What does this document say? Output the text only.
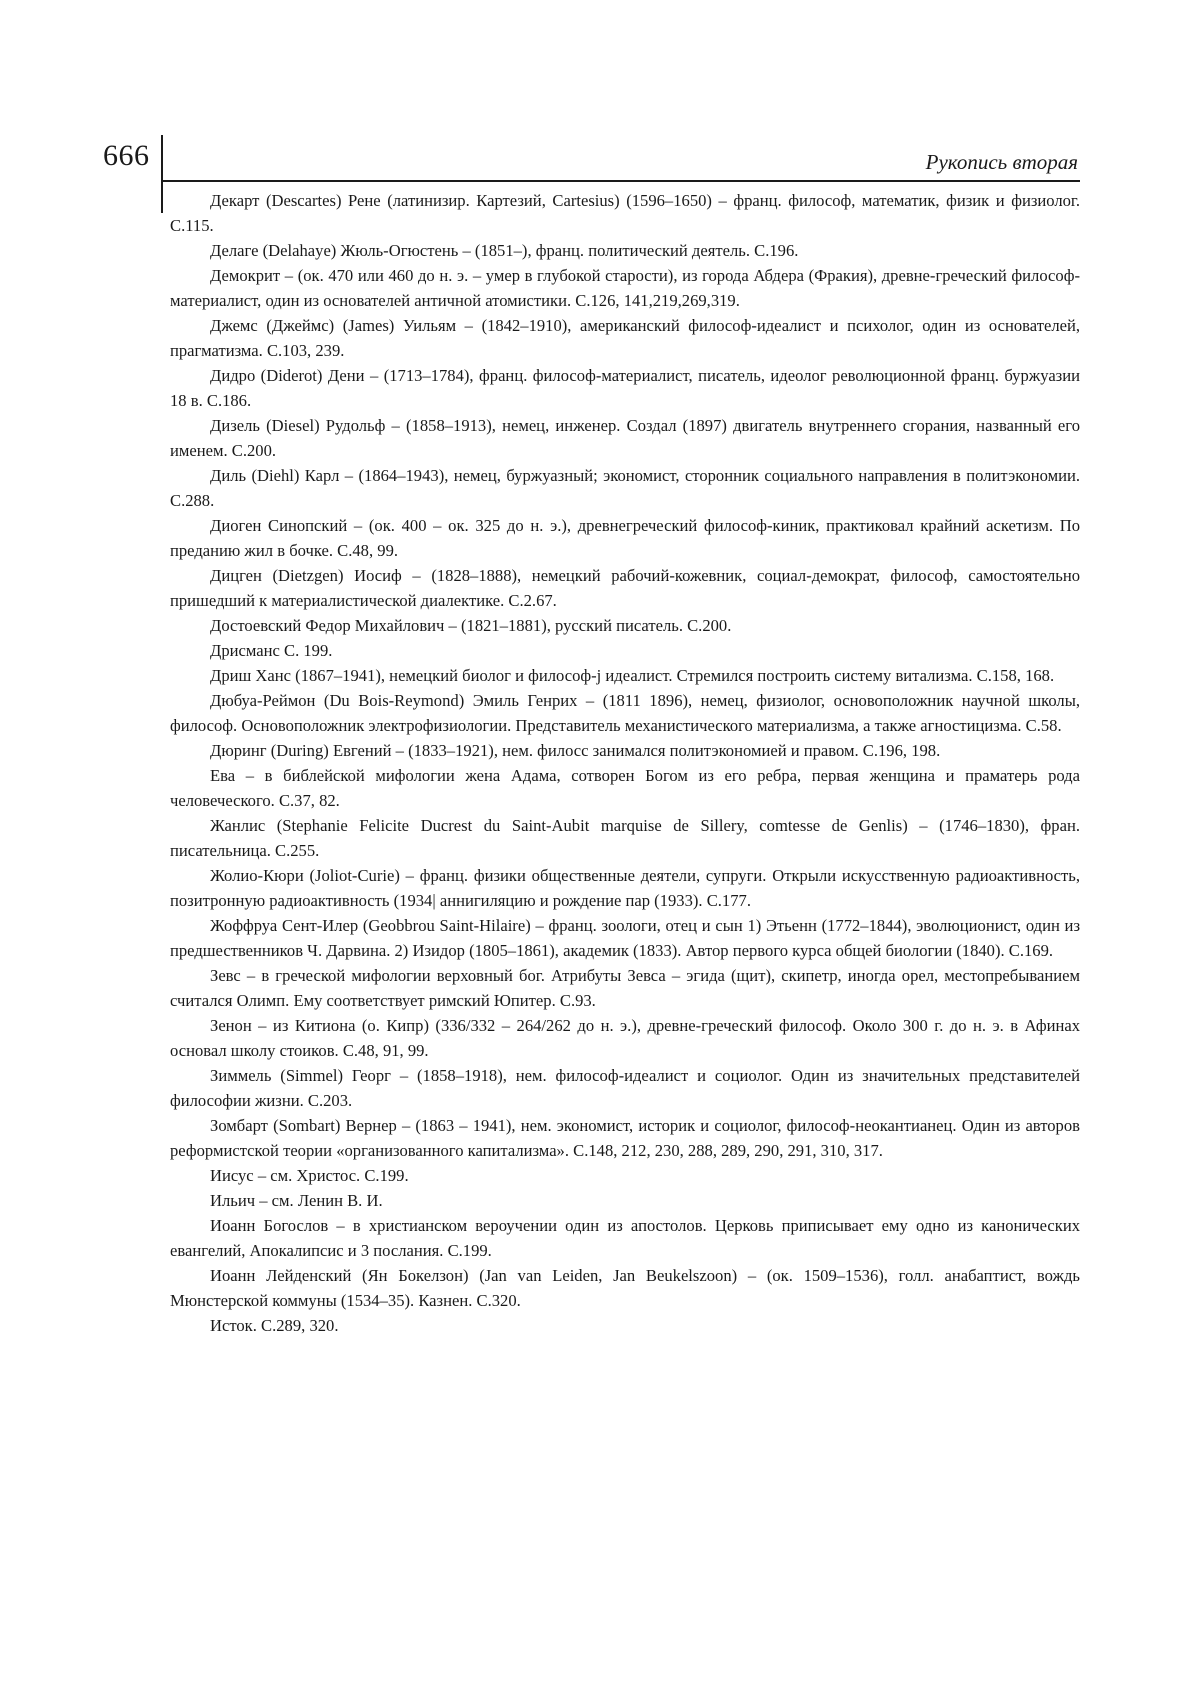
666	Рукопись вторая

Декарт (Descartes) Рене (латинизир. Картезий, Cartesius) (1596–1650) – франц. философ, математик, физик и физиолог. С.115.

Делаге (Delahaye) Жюль-Огюстень – (1851–), франц. политический деятель. С.196.

Демокрит – (ок. 470 или 460 до н. э. – умер в глубокой старости), из города Абдера (Фракия), древне-греческий философ-материалист, один из основателей античной атомистики. С.126, 141,219,269,319.

Джемс (Джеймс) (James) Уильям – (1842–1910), американский философ-идеалист и психолог, один из основателей, прагматизма. С.103, 239.

Дидро (Diderot) Дени – (1713–1784), франц. философ-материалист, писатель, идеолог революционной франц. буржуазии 18 в. С.186.

Дизель (Diesel) Рудольф – (1858–1913), немец, инженер. Создал (1897) двигатель внутреннего сгорания, названный его именем. С.200.

Диль (Diehl) Карл – (1864–1943), немец, буржуазный; экономист, сторонник социального направления в политэкономии. С.288.

Диоген Синопский – (ок. 400 – ок. 325 до н. э.), древнегреческий философ-киник, практиковал крайний аскетизм. По преданию жил в бочке. С.48, 99.

Дицген (Dietzgen) Иосиф – (1828–1888), немецкий рабочий-кожевник, социал-демократ, философ, самостоятельно пришедший к материалистической диалектике. С.2.67.

Достоевский Федор Михайлович – (1821–1881), русский писатель. С.200.

Дрисманс С. 199.

Дриш Ханс (1867–1941), немецкий биолог и философ-j идеалист. Стремился построить систему витализма. С.158, 168.

Дюбуа-Реймон (Du Bois-Reymond) Эмиль Генрих – (1811 1896), немец, физиолог, основоположник научной школы, философ. Основоположник электрофизиологии. Представитель механистического материализма, а также агностицизма. С.58.

Дюринг (During) Евгений – (1833–1921), нем. филосс занимался политэкономией и правом. С.196, 198.

Ева – в библейской мифологии жена Адама, сотворен Богом из его ребра, первая женщина и праматерь рода человеческого. С.37, 82.

Жанлис (Stephanie Felicite Ducrest du Saint-Aubit marquise de Sillery, comtesse de Genlis) – (1746–1830), фран. писательница. С.255.

Жолио-Кюри (Joliot-Curie) – франц. физики общественные деятели, супруги. Открыли искусственную радиоактивность, позитронную радиоактивность (1934| аннигиляцию и рождение пар (1933). С.177.

Жоффруа Сент-Илер (Geobbrou Saint-Hilaire) – франц. зоологи, отец и сын 1) Этьенн (1772–1844), эволюционист, один из предшественников Ч. Дарвина. 2) Изидор (1805–1861), академик (1833). Автор первого курса общей биологии (1840). С.169.

Зевс – в греческой мифологии верховный бог. Атрибуты Зевса – эгида (щит), скипетр, иногда орел, местопребыванием считался Олимп. Ему соответствует римский Юпитер. С.93.

Зенон – из Китиона (о. Кипр) (336/332 – 264/262 до н. э.), древне-греческий философ. Около 300 г. до н. э. в Афинах основал школу стоиков. С.48, 91, 99.

Зиммель (Simmel) Георг – (1858–1918), нем. философ-идеалист и социолог. Один из значительных представителей философии жизни. С.203.

Зомбарт (Sombart) Вернер – (1863 – 1941), нем. экономист, историк и социолог, философ-неокантианец. Один из авторов реформистской теории «организованного капитализма». С.148, 212, 230, 288, 289, 290, 291, 310, 317.

Иисус – см. Христос. С.199.

Ильич – см. Ленин В. И.

Иоанн Богослов – в христианском вероучении один из апостолов. Церковь приписывает ему одно из канонических евангелий, Апокалипсис и 3 послания. С.199.

Иоанн Лейденский (Ян Бокелзон) (Jan van Leiden, Jan Beukelszoon) – (ок. 1509–1536), голл. анабаптист, вождь Мюнстерской коммуны (1534–35). Казнен. С.320.

Исток. С.289, 320.
